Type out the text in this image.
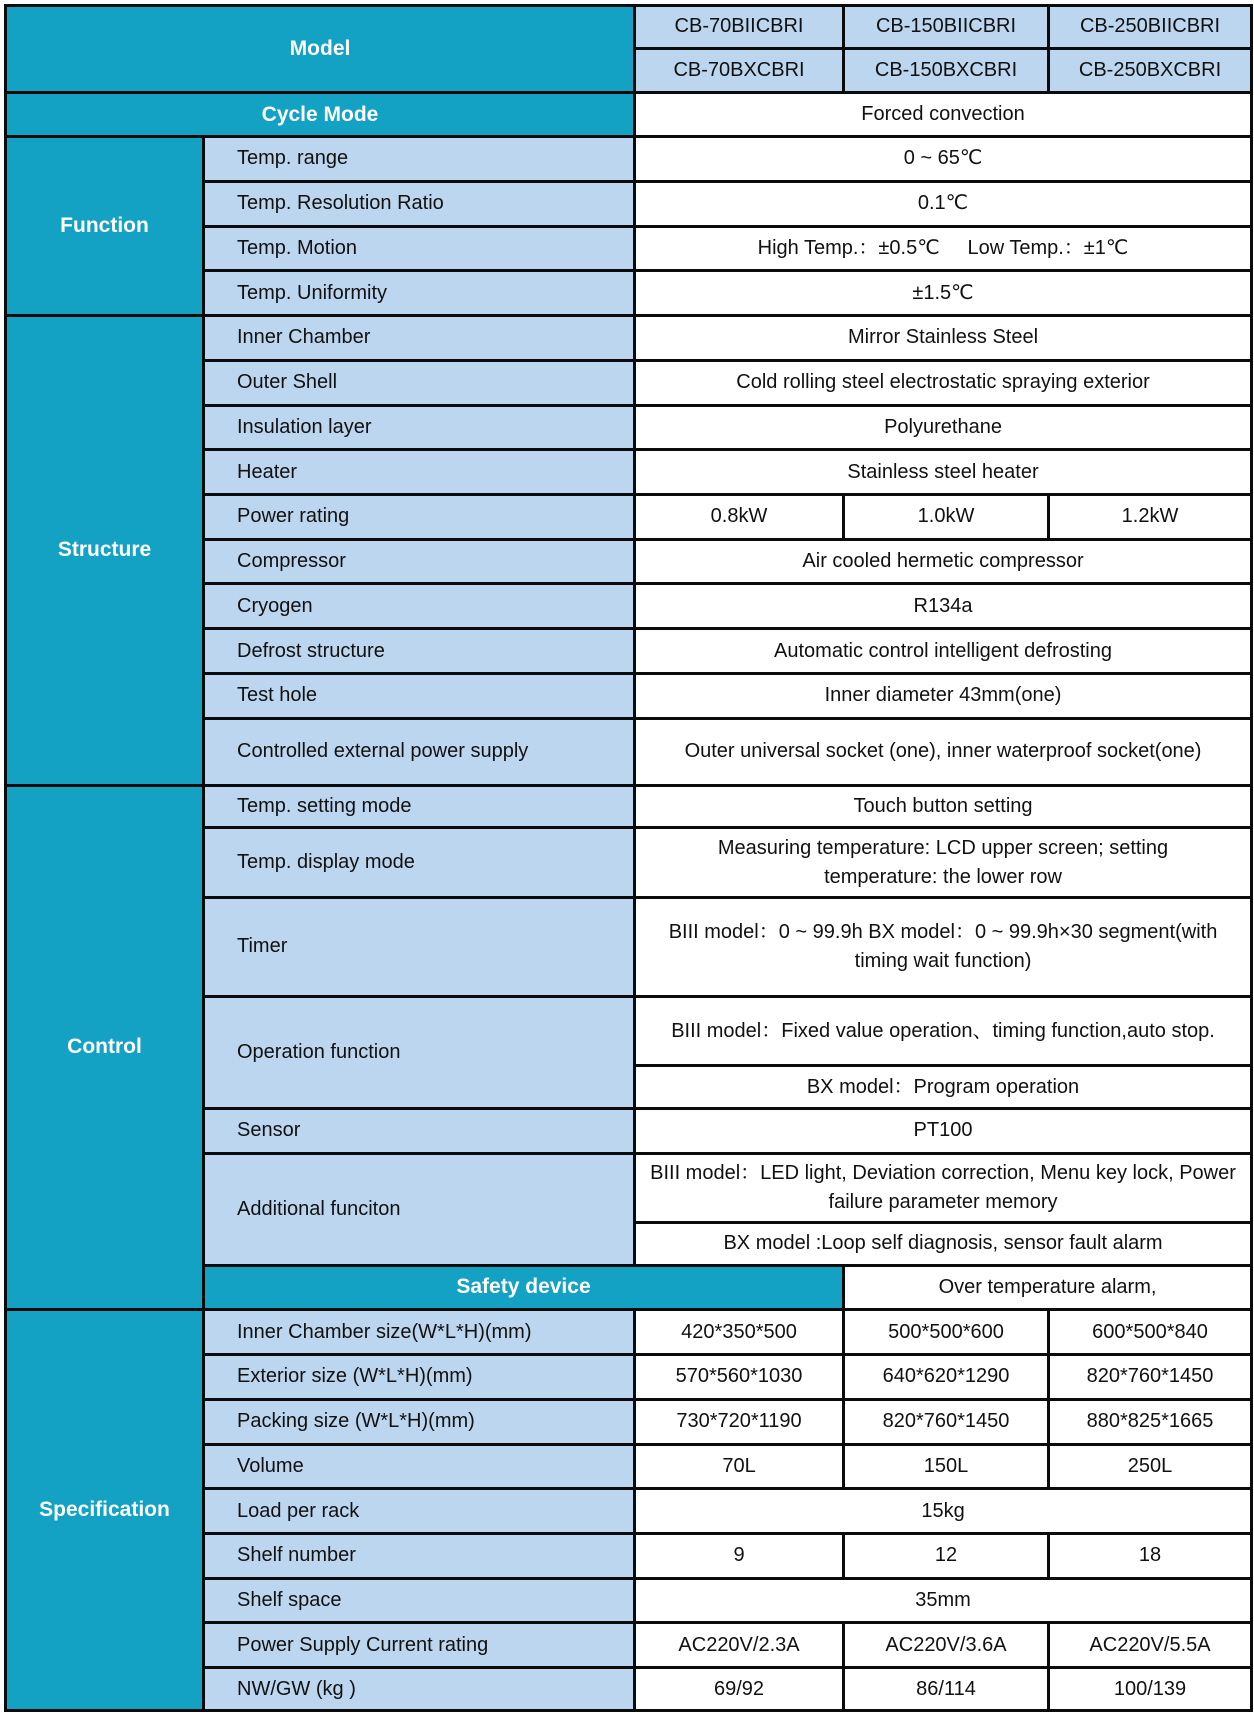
Model		CB-70BIICBRI	CB-150BIICBRI	CB-250BIICBRI
		CB-70BXCBRI	CB-150BXCBRI	CB-250BXCBRI
Cycle Mode		Forced convection		
Function	Temp. range	0 ~ 65℃		
	Temp. Resolution Ratio	0.1℃		
	Temp. Motion	High Temp.：±0.5℃     Low Temp.：±1℃		
	Temp. Uniformity	±1.5℃		
Structure	Inner Chamber	Mirror Stainless Steel		
	Outer Shell	Cold rolling steel electrostatic spraying exterior		
	Insulation layer	Polyurethane		
	Heater	Stainless steel heater		
	Power rating	0.8kW	1.0kW	1.2kW
	Compressor	Air cooled hermetic compressor		
	Cryogen	R134a		
	Defrost structure	Automatic control intelligent defrosting		
	Test hole	Inner diameter 43mm(one)		
	Controlled external power supply	Outer universal socket (one), inner waterproof socket(one)		
Control	Temp. setting mode	Touch button setting		
	Temp. display mode	Measuring temperature: LCD upper screen; setting temperature: the lower row		
	Timer	BIII model：0 ~ 99.9h BX model：0 ~ 99.9h×30 segment(with timing wait function)		
	Operation function	BIII model：Fixed value operation、timing function,auto stop.		
		BX model：Program operation		
	Sensor	PT100		
	Additional funciton	BIII model：LED light, Deviation correction, Menu key lock, Power failure parameter memory		
		BX model :Loop self diagnosis, sensor fault alarm		
	Safety device		Over temperature alarm,	
Specification	Inner Chamber size(W*L*H)(mm)	420*350*500	500*500*600	600*500*840
	Exterior size (W*L*H)(mm)	570*560*1030	640*620*1290	820*760*1450
	Packing size (W*L*H)(mm)	730*720*1190	820*760*1450	880*825*1665
	Volume	70L	150L	250L
	Load per rack	15kg		
	Shelf number	9	12	18
	Shelf space	35mm		
	Power Supply Current rating	AC220V/2.3A	AC220V/3.6A	AC220V/5.5A
	NW/GW (kg )	69/92	86/114	100/139
